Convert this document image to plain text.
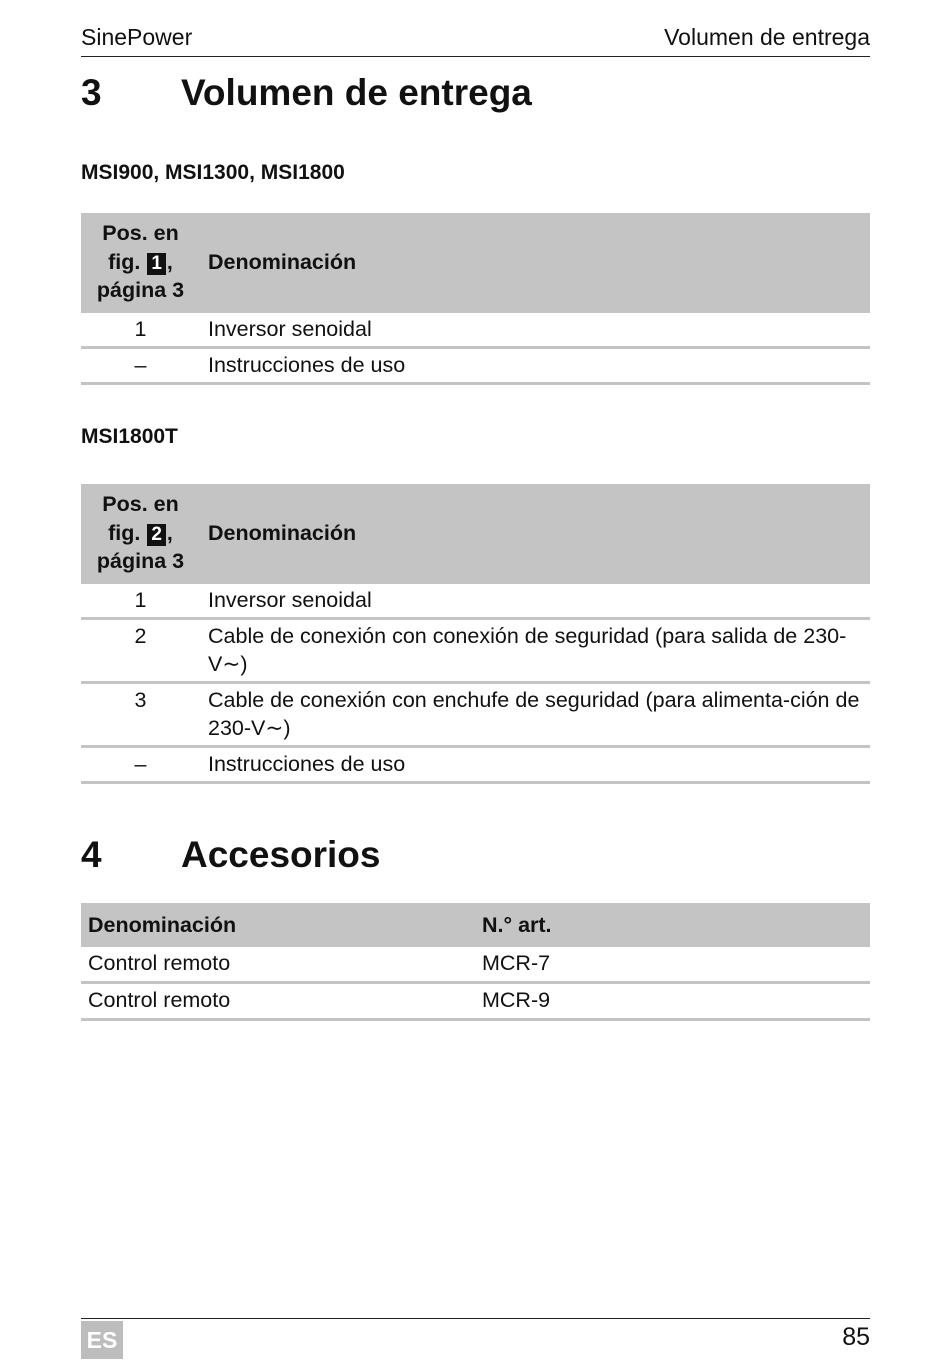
SinePower	Volumen de entrega
3 Volumen de entrega
MSI900, MSI1300, MSI1800
Pos. en
fig. 1 ,
página 3	Denominación
1	Inversor senoidal
–	Instrucciones de uso
MSI1800T
Pos. en
fig. 2 ,
página 3	Denominación
1	Inversor senoidal
2	Cable de conexión con conexión de seguridad (para salida de 230-V∼)
3	Cable de conexión con enchufe de seguridad (para alimenta-ción de 230-V∼)
–	Instrucciones de uso
4 Accesorios
Denominación	N.° art.
Control remoto	MCR-7
Control remoto	MCR-9
ES	85
